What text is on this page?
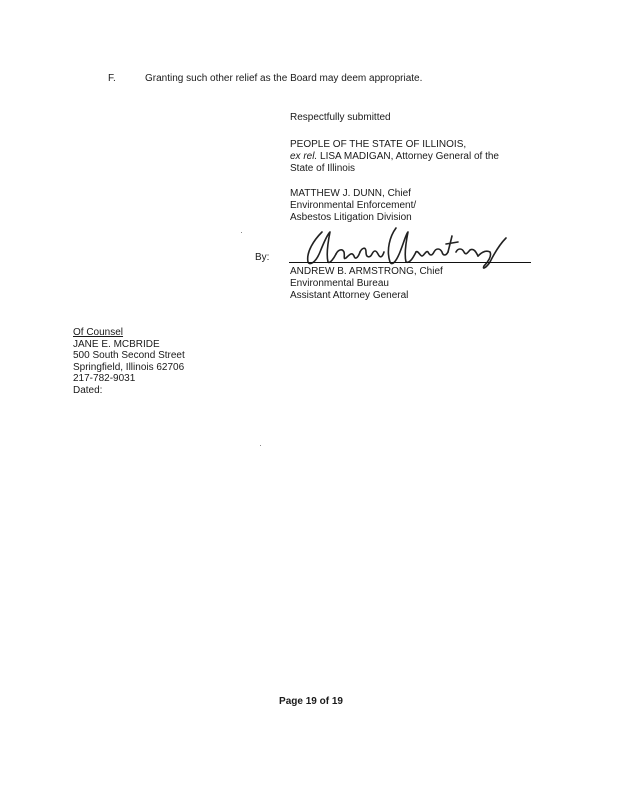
F.	Granting such other relief as the Board may deem appropriate.
Respectfully submitted
PEOPLE OF THE STATE OF ILLINOIS,
ex rel. LISA MADIGAN, Attorney General of the
State of Illinois
MATTHEW J. DUNN, Chief
Environmental Enforcement/
Asbestos Litigation Division
By:
ANDREW B. ARMSTRONG, Chief
Environmental Bureau
Assistant Attorney General
Of Counsel
JANE E. MCBRIDE
500 South Second Street
Springfield, Illinois 62706
217-782-9031
Dated:
Page 19 of 19
